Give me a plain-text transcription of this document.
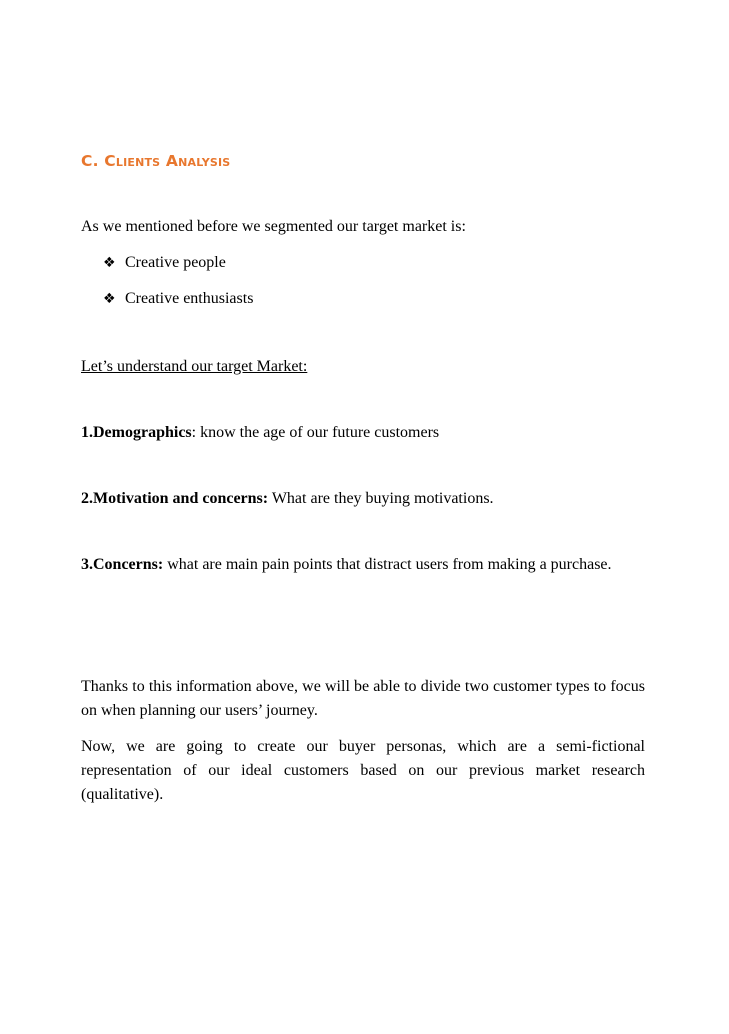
C. Clients Analysis

As we mentioned before we segmented our target market is:

❖ Creative people
❖ Creative enthusiasts

Let’s understand our target Market:

1.Demographics: know the age of our future customers

2.Motivation and concerns: What are they buying motivations.

3.Concerns: what are main pain points that distract users from making a purchase.

Thanks to this information above, we will be able to divide two customer types to focus on when planning our users’ journey.

Now, we are going to create our buyer personas, which are a semi-fictional representation of our ideal customers based on our previous market research (qualitative).
